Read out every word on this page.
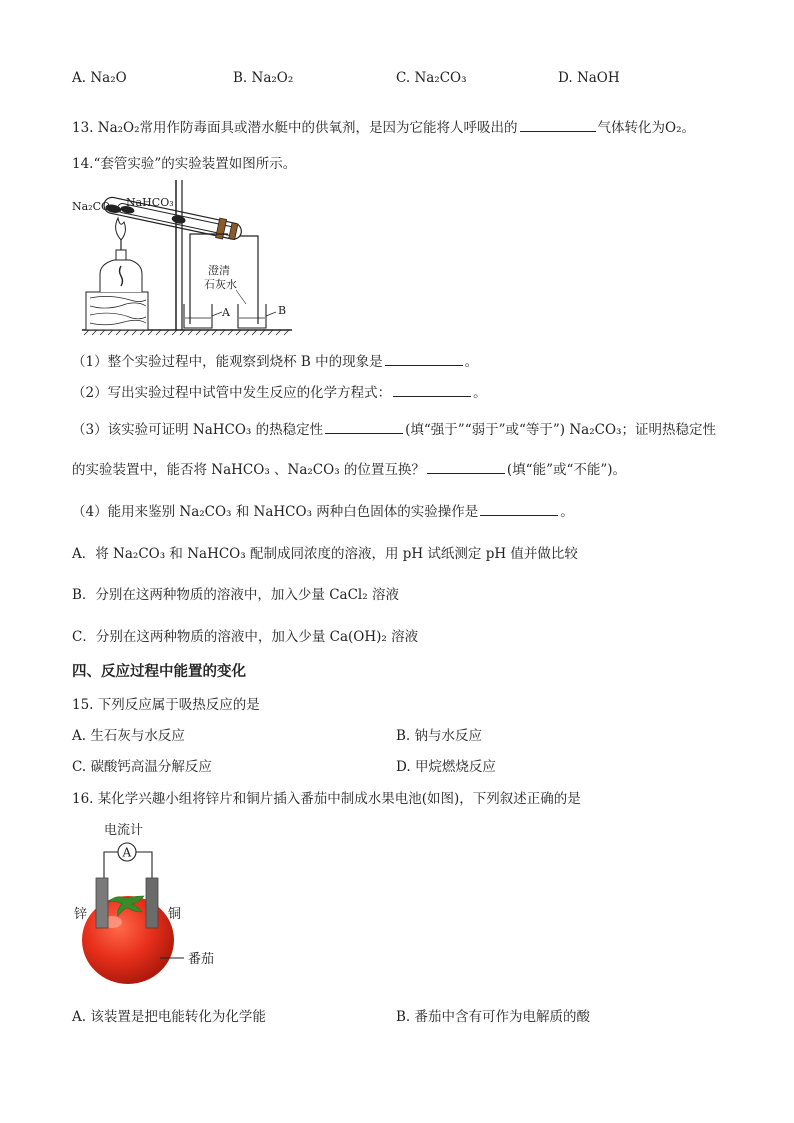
A. Na₂O	B. Na₂O₂	C. Na₂CO₃	D. NaOH
13. Na₂O₂常用作防毒面具或潜水艇中的供氧剂，是因为它能将人呼吸出的	气体转化为O₂。
14.“套管实验”的实验装置如图所示。
Na₂CO₃ NaHCO₃
澄清
石灰水
A	B
（1）整个实验过程中，能观察到烧杯 B 中的现象是	。
（2）写出实验过程中试管中发生反应的化学方程式：	。
（3）该实验可证明 NaHCO₃ 的热稳定性	(填“强于”“弱于”或“等于”) Na₂CO₃；证明热稳定性
的实验装置中，能否将 NaHCO₃ 、Na₂CO₃ 的位置互换？	(填“能”或“不能”)。
（4）能用来鉴别 Na₂CO₃ 和 NaHCO₃ 两种白色固体的实验操作是	。
A．将 Na₂CO₃ 和 NaHCO₃ 配制成同浓度的溶液，用 pH 试纸测定 pH 值并做比较
B．分别在这两种物质的溶液中，加入少量 CaCl₂ 溶液
C．分别在这两种物质的溶液中，加入少量 Ca(OH)₂ 溶液
四、反应过程中能置的变化
15. 下列反应属于吸热反应的是
A. 生石灰与水反应	B. 钠与水反应
C. 碳酸钙高温分解反应	D. 甲烷燃烧反应
16. 某化学兴趣小组将锌片和铜片插入番茄中制成水果电池(如图)，下列叙述正确的是
电流计
A
锌	铜
番茄
A. 该装置是把电能转化为化学能	B. 番茄中含有可作为电解质的酸
